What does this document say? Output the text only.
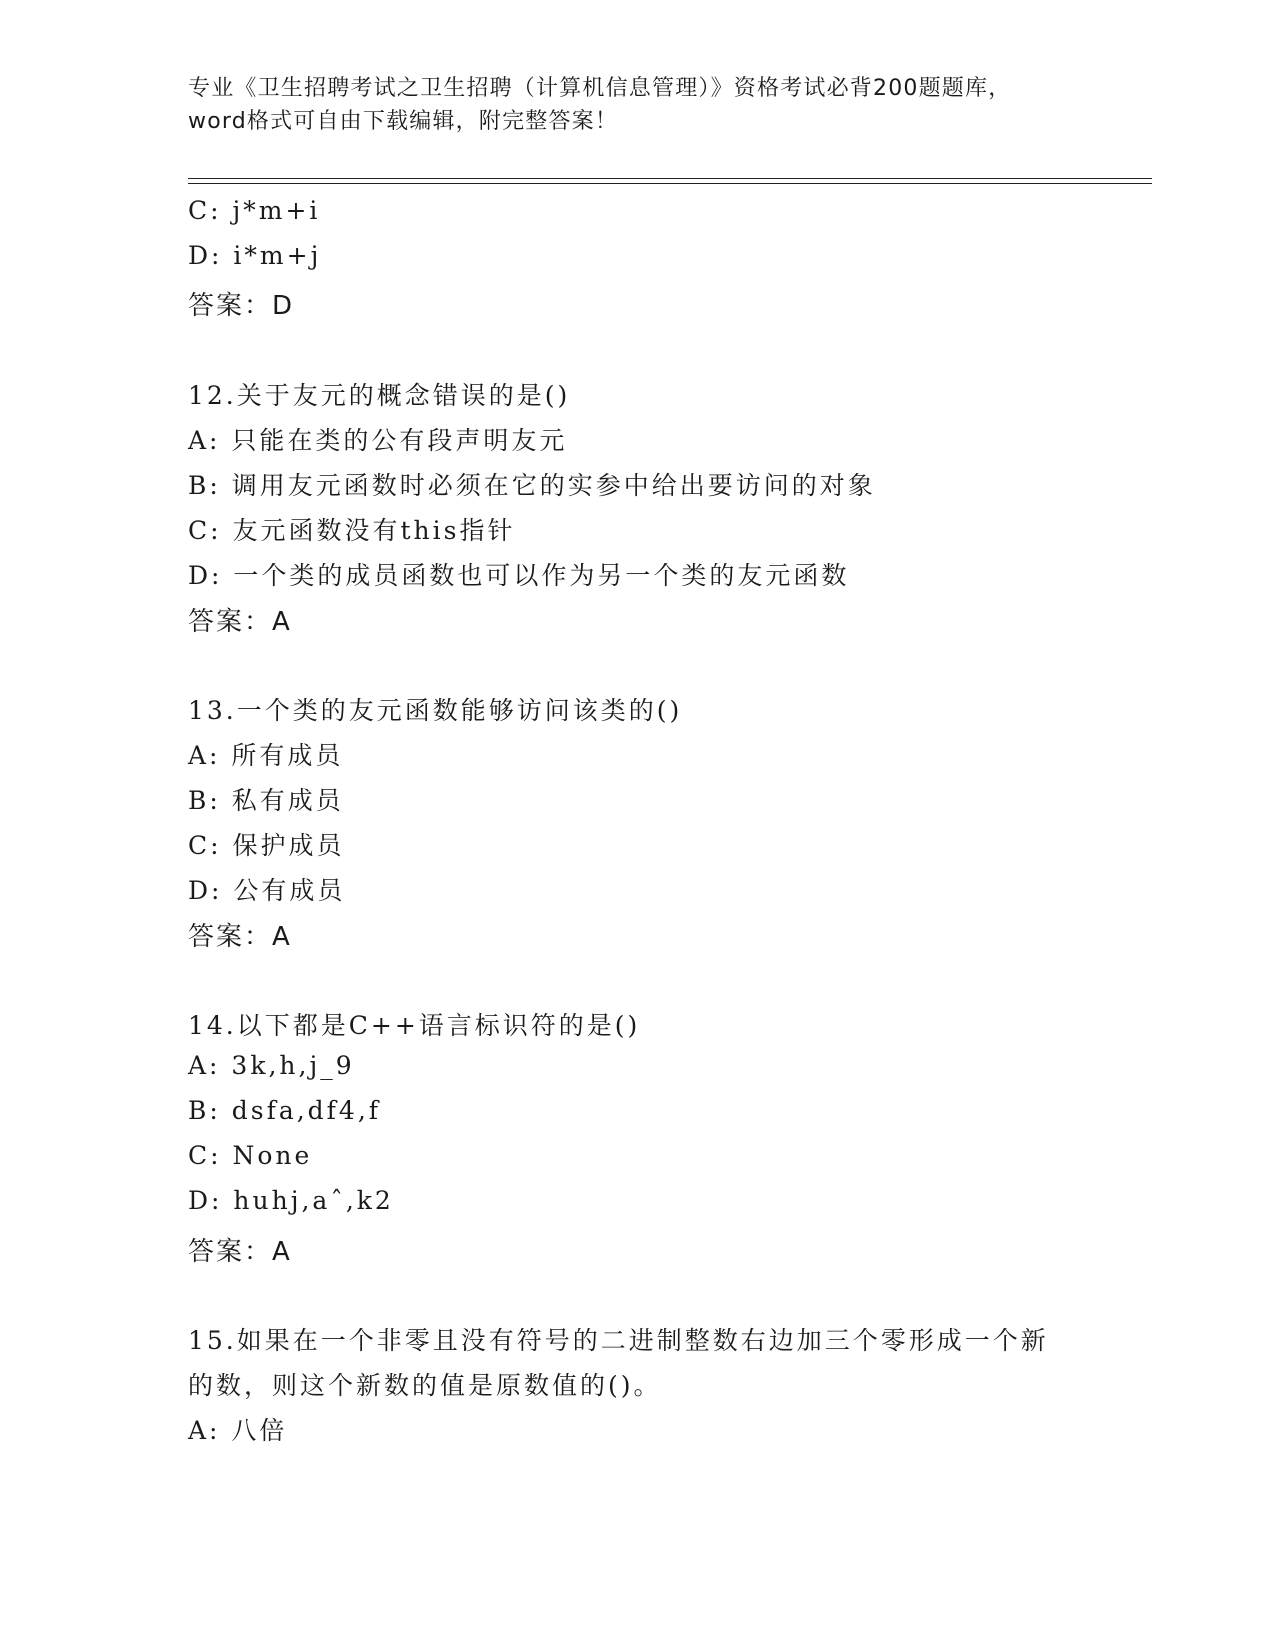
专业《卫生招聘考试之卫生招聘（计算机信息管理）》资格考试必背200题题库，
word格式可自由下载编辑，附完整答案！
C: j*m+i
D: i*m+j
答案：D
12.关于友元的概念错误的是()
A: 只能在类的公有段声明友元
B: 调用友元函数时必须在它的实参中给出要访问的对象
C: 友元函数没有this指针
D: 一个类的成员函数也可以作为另一个类的友元函数
答案：A
13.一个类的友元函数能够访问该类的()
A: 所有成员
B: 私有成员
C: 保护成员
D: 公有成员
答案：A
14.以下都是C++语言标识符的是()
A: 3k,h,j_9
B: dsfa,df4,f
C: None
D: huhj,aˆ,k2
答案：A
15.如果在一个非零且没有符号的二进制整数右边加三个零形成一个新
的数，则这个新数的值是原数值的()。
A: 八倍
